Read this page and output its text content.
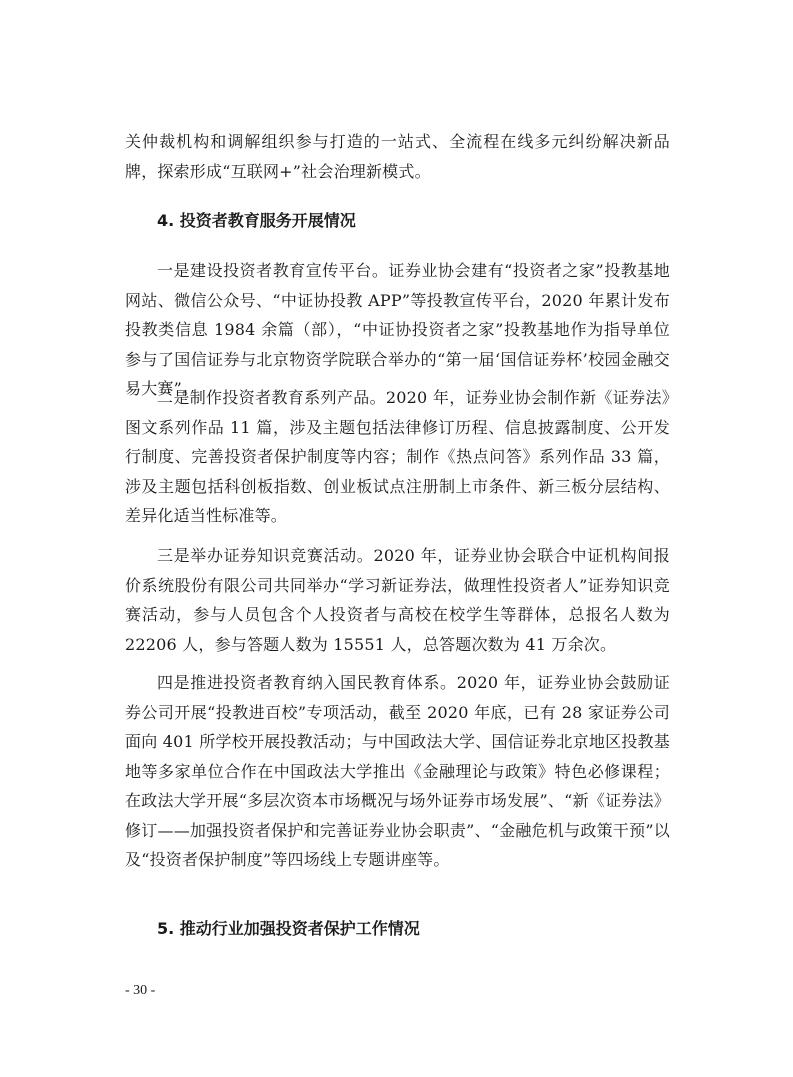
关仲裁机构和调解组织参与打造的一站式、全流程在线多元纠纷解决新品牌，探索形成“互联网+”社会治理新模式。

4. 投资者教育服务开展情况

一是建设投资者教育宣传平台。证券业协会建有“投资者之家”投教基地网站、微信公众号、“中证协投教 APP”等投教宣传平台，2020 年累计发布投教类信息 1984 余篇（部），“中证协投资者之家”投教基地作为指导单位参与了国信证券与北京物资学院联合举办的“第一届‘国信证券杯’校园金融交易大赛”。

二是制作投资者教育系列产品。2020 年，证券业协会制作新《证券法》图文系列作品 11 篇，涉及主题包括法律修订历程、信息披露制度、公开发行制度、完善投资者保护制度等内容；制作《热点问答》系列作品 33 篇，涉及主题包括科创板指数、创业板试点注册制上市条件、新三板分层结构、差异化适当性标准等。

三是举办证券知识竞赛活动。2020 年，证券业协会联合中证机构间报价系统股份有限公司共同举办“学习新证券法，做理性投资者人”证券知识竞赛活动，参与人员包含个人投资者与高校在校学生等群体，总报名人数为 22206 人，参与答题人数为 15551 人，总答题次数为 41 万余次。

四是推进投资者教育纳入国民教育体系。2020 年，证券业协会鼓励证券公司开展“投教进百校”专项活动，截至 2020 年底，已有 28 家证券公司面向 401 所学校开展投教活动；与中国政法大学、国信证券北京地区投教基地等多家单位合作在中国政法大学推出《金融理论与政策》特色必修课程；在政法大学开展“多层次资本市场概况与场外证券市场发展”、“新《证券法》修订——加强投资者保护和完善证券业协会职责”、“金融危机与政策干预”以及“投资者保护制度”等四场线上专题讲座等。

5. 推动行业加强投资者保护工作情况
- 30 -
